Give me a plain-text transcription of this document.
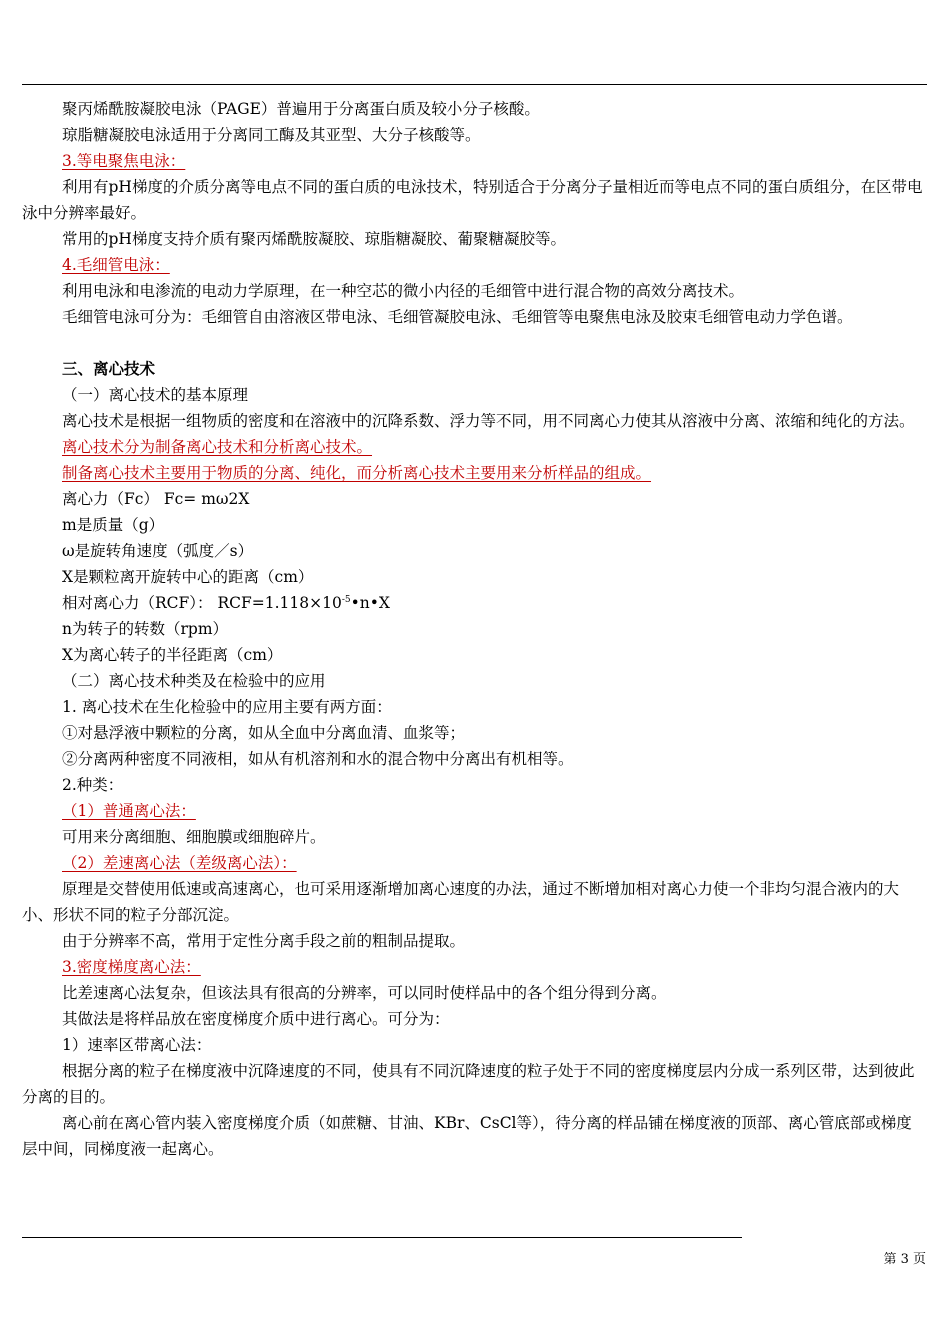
聚丙烯酰胺凝胶电泳（PAGE）普遍用于分离蛋白质及较小分子核酸。

琼脂糖凝胶电泳适用于分离同工酶及其亚型、大分子核酸等。

3.等电聚焦电泳：

利用有pH梯度的介质分离等电点不同的蛋白质的电泳技术，特别适合于分离分子量相近而等电点不同的蛋白质组分，在区带电泳中分辨率最好。

常用的pH梯度支持介质有聚丙烯酰胺凝胶、琼脂糖凝胶、葡聚糖凝胶等。

4.毛细管电泳：

利用电泳和电渗流的电动力学原理，在一种空芯的微小内径的毛细管中进行混合物的高效分离技术。

毛细管电泳可分为：毛细管自由溶液区带电泳、毛细管凝胶电泳、毛细管等电聚焦电泳及胶束毛细管电动力学色谱。

三、离心技术

（一）离心技术的基本原理

离心技术是根据一组物质的密度和在溶液中的沉降系数、浮力等不同，用不同离心力使其从溶液中分离、浓缩和纯化的方法。

离心技术分为制备离心技术和分析离心技术。

制备离心技术主要用于物质的分离、纯化，而分析离心技术主要用来分析样品的组成。

离心力（Fc） Fc= mω2X

m是质量（g）

ω是旋转角速度（弧度／s）

X是颗粒离开旋转中心的距离（cm）

相对离心力（RCF）： $RCF=1.118\times 10^{-5}•n•X$

n为转子的转数（rpm）

X为离心转子的半径距离（cm）

（二）离心技术种类及在检验中的应用

1. 离心技术在生化检验中的应用主要有两方面：

①对悬浮液中颗粒的分离，如从全血中分离血清、血浆等；

②分离两种密度不同液相，如从有机溶剂和水的混合物中分离出有机相等。

2.种类：

（1）普通离心法：

可用来分离细胞、细胞膜或细胞碎片。

（2）差速离心法（差级离心法）：

原理是交替使用低速或高速离心，也可采用逐渐增加离心速度的办法，通过不断增加相对离心力使一个非均匀混合液内的大小、形状不同的粒子分部沉淀。

由于分辨率不高，常用于定性分离手段之前的粗制品提取。

3.密度梯度离心法：

比差速离心法复杂，但该法具有很高的分辨率，可以同时使样品中的各个组分得到分离。

其做法是将样品放在密度梯度介质中进行离心。可分为：

1）速率区带离心法：

根据分离的粒子在梯度液中沉降速度的不同，使具有不同沉降速度的粒子处于不同的密度梯度层内分成一系列区带，达到彼此分离的目的。

离心前在离心管内装入密度梯度介质（如蔗糖、甘油、KBr、CsCl等），待分离的样品铺在梯度液的顶部、离心管底部或梯度层中间，同梯度液一起离心。

第 3 页
